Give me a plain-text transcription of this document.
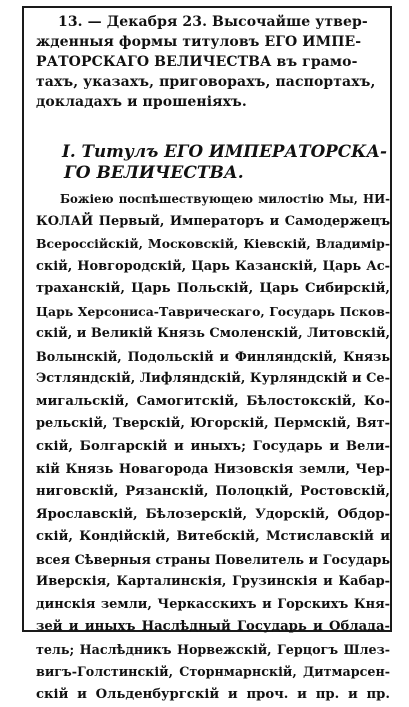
13. — Декабря 23. Высочайше утвер-
жденныя формы титуловъ ЕГО ИМПЕ-
РАТОРСКАГО ВЕЛИЧЕСТВА въ грамо-
тахъ, указахъ, приговорахъ, паспортахъ,
докладахъ и прошеніяхъ.
I. Титулъ ЕГО ИМПЕРАТОРСКА-
ГО ВЕЛИЧЕСТВА.
Божіею поспѣшествующею милостію Мы, НИ-
КОЛАЙ Первый, Императоръ и Самодержецъ
Всероссійскій, Московскій, Кіевскій, Владимір-
скій, Новгородскій, Царь Казанскій, Царь Ас-
траханскій, Царь Польскій, Царь Сибирскій,
Царь Херсониса-Таврическаго, Государь Псков-
скій, и Великій Князь Смоленскій, Литовскій,
Волынскій, Подольскій и Финляндскій, Князь
Эстляндскій, Лифляндскій, Курляндскій и Се-
мигальскій, Самогитскій, Бѣлостокскій, Ко-
рельскій, Тверскій, Югорскій, Пермскій, Вят-
скій, Болгарскій и иныхъ; Государь и Вели-
кій Князь Новагорода Низовскія земли, Чер-
ниговскій, Рязанскій, Полоцкій, Ростовскій,
Ярославскій, Бѣлозерскій, Удорскій, Обдор-
скій, Кондійскій, Витебскій, Мстиславскій и
всея Сѣверныя страны Повелитель и Государь
Иверскія, Карталинскія, Грузинскія и Кабар-
динскія земли, Черкасскихъ и Горскихъ Кня-
зей и иныхъ Наслѣдный Государь и Облада-
тель; Наслѣдникъ Норвежскій, Герцогъ Шлез-
вигъ-Голстинскій, Сторнмарнскій, Дитмарсен-
скій и Ольденбургскій и проч. и пр. и пр.
